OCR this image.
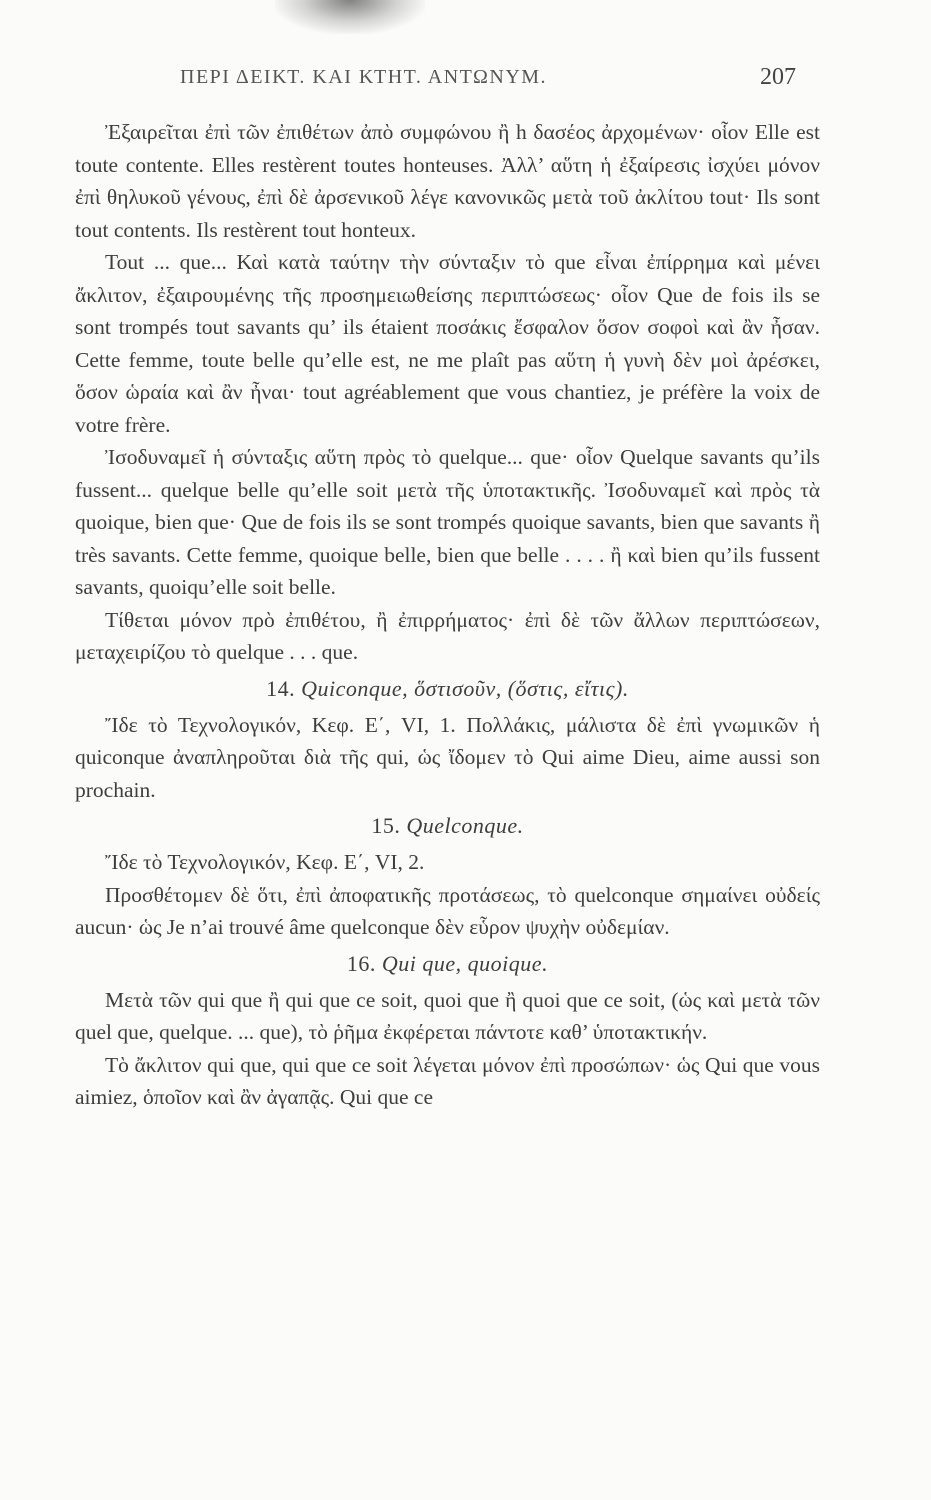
ΠΕΡΙ ΔΕΙΚΤ. ΚΑΙ ΚΤΗΤ. ΑΝΤΩΝΥΜ.	207

Ἐξαιρεῖται ἐπὶ τῶν ἐπιθέτων ἀπὸ συμφώνου ἢ h δασέος ἀρχομένων· οἷον Elle est toute contente. Elles restèrent toutes honteuses. Ἀλλ’ αὕτη ἡ ἐξαίρεσις ἰσχύει μόνον ἐπὶ θηλυκοῦ γένους, ἐπὶ δὲ ἀρσενικοῦ λέγε κανονικῶς μετὰ τοῦ ἀκλίτου tout· Ils sont tout contents. Ils restèrent tout honteux.

Tout ... que... Καὶ κατὰ ταύτην τὴν σύνταξιν τὸ que εἶναι ἐπίρρημα καὶ μένει ἄκλιτον, ἐξαιρουμένης τῆς προσημειωθείσης περιπτώσεως· οἷον Que de fois ils se sont trompés tout savants qu’ ils étaient ποσάκις ἔσφαλον ὅσον σοφοὶ καὶ ἂν ἦσαν. Cette femme, toute belle qu’elle est, ne me plaît pas αὕτη ἡ γυνὴ δὲν μοὶ ἀρέσκει, ὅσον ὡραία καὶ ἂν ἦναι· tout agréablement que vous chantiez, je préfère la voix de votre frère.

Ἰσοδυναμεῖ ἡ σύνταξις αὕτη πρὸς τὸ quelque... que· οἷον Quelque savants qu’ils fussent... quelque belle qu’elle soit μετὰ τῆς ὑποτακτικῆς. Ἰσοδυναμεῖ καὶ πρὸς τὰ quoique, bien que· Que de fois ils se sont trompés quoique savants, bien que savants ἢ très savants. Cette femme, quoique belle, bien que belle . . . . ἢ καὶ bien qu’ils fussent savants, quoiqu’elle soit belle.

Τίθεται μόνον πρὸ ἐπιθέτου, ἢ ἐπιρρήματος· ἐπὶ δὲ τῶν ἄλλων περιπτώσεων, μεταχειρίζου τὸ quelque . . . que.

14. Quiconque, ὅστισοῦν, (ὅστις, εἴτις).

Ἴδε τὸ Τεχνολογικόν, Κεφ. Ε΄, VI, 1. Πολλάκις, μάλιστα δὲ ἐπὶ γνωμικῶν ἡ quiconque ἀναπληροῦται διὰ τῆς qui, ὡς ἴδομεν τὸ Qui aime Dieu, aime aussi son prochain.

15. Quelconque.

Ἴδε τὸ Τεχνολογικόν, Κεφ. Ε΄, VI, 2.

Προσθέτομεν δὲ ὅτι, ἐπὶ ἀποφατικῆς προτάσεως, τὸ quelconque σημαίνει οὐδείς aucun· ὡς Je n’ai trouvé âme quelconque δὲν εὗρον ψυχὴν οὐδεμίαν.

16. Qui que, quoique.

Μετὰ τῶν qui que ἢ qui que ce soit, quoi que ἢ quoi que ce soit, (ὡς καὶ μετὰ τῶν quel que, quelque. ... que), τὸ ῥῆμα ἐκφέρεται πάντοτε καθ’ ὑποτακτικήν.

Τὸ ἄκλιτον qui que, qui que ce soit λέγεται μόνον ἐπὶ προσώπων· ὡς Qui que vous aimiez, ὁποῖον καὶ ἂν ἀγαπᾷς. Qui que ce
